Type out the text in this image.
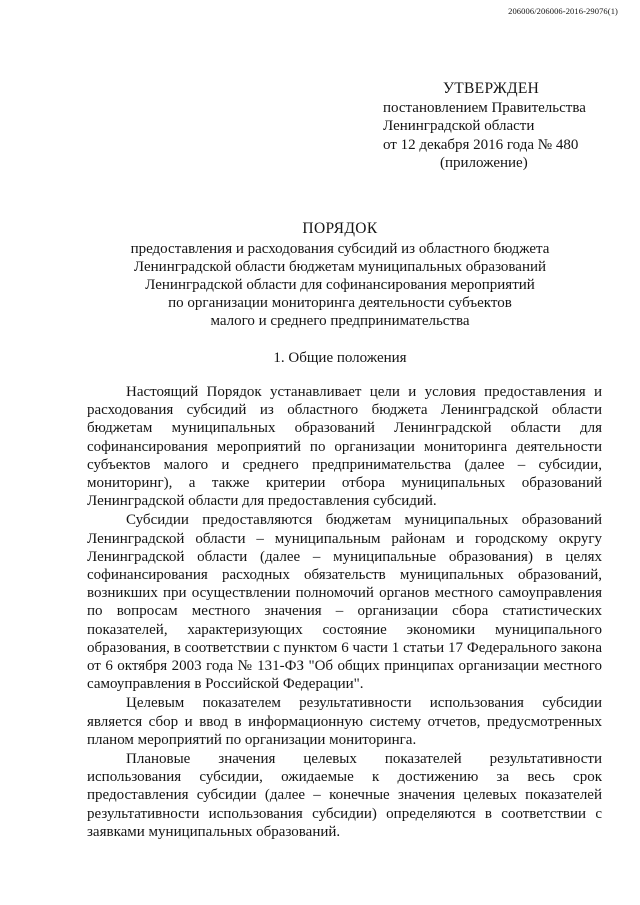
206006/206006-2016-29076(1)
УТВЕРЖДЕН
постановлением Правительства
Ленинградской области
от 12 декабря 2016 года № 480
(приложение)
ПОРЯДОК
предоставления и расходования субсидий из областного бюджета
Ленинградской области бюджетам муниципальных образований
Ленинградской области для софинансирования мероприятий
по организации мониторинга деятельности субъектов
малого и среднего предпринимательства
1. Общие положения

Настоящий Порядок устанавливает цели и условия предоставления и расходования субсидий из областного бюджета Ленинградской области бюджетам муниципальных образований Ленинградской области для софинансирования мероприятий по организации мониторинга деятельности субъектов малого и среднего предпринимательства (далее – субсидии, мониторинг), а также критерии отбора муниципальных образований Ленинградской области для предоставления субсидий.

Субсидии предоставляются бюджетам муниципальных образований Ленинградской области – муниципальным районам и городскому округу Ленинградской области (далее – муниципальные образования) в целях софинансирования расходных обязательств муниципальных образований, возникших при осуществлении полномочий органов местного самоуправления по вопросам местного значения – организации сбора статистических показателей, характеризующих состояние экономики муниципального образования, в соответствии с пунктом 6 части 1 статьи 17 Федерального закона от 6 октября 2003 года № 131-ФЗ "Об общих принципах организации местного самоуправления в Российской Федерации".

Целевым показателем результативности использования субсидии является сбор и ввод в информационную систему отчетов, предусмотренных планом мероприятий по организации мониторинга.

Плановые значения целевых показателей результативности использования субсидии, ожидаемые к достижению за весь срок предоставления субсидии (далее – конечные значения целевых показателей результативности использования субсидии) определяются в соответствии с заявками муниципальных образований.
